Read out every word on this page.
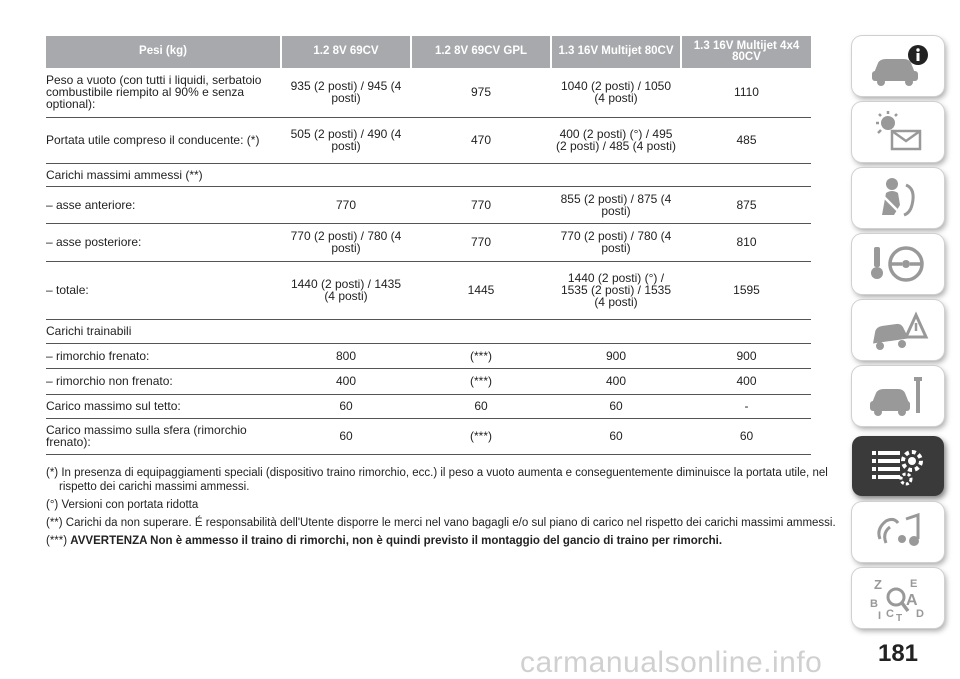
Pesi (kg)		1.2 8V 69CV		1.2 8V 69CV GPL		1.3 16V Multijet 80CV		1.3 16V Multijet 4x4 80CV
Peso a vuoto (con tutti i liquidi, serbatoio combustibile riempito al 90% e senza optional):		935 (2 posti) / 945 (4 posti)		975		1040 (2 posti) / 1050 (4 posti)		1110
Portata utile compreso il conducente: (*)		505 (2 posti) / 490 (4 posti)		470		400 (2 posti) (°) / 495 (2 posti) / 485 (4 posti)		485
Carichi massimi ammessi (**)								
– asse anteriore:		770		770		855 (2 posti) / 875 (4 posti)		875
– asse posteriore:		770 (2 posti) / 780 (4 posti)		770		770 (2 posti) / 780 (4 posti)		810
– totale:		1440 (2 posti) / 1435 (4 posti)		1445		1440 (2 posti) (°) / 1535 (2 posti) / 1535 (4 posti)		1595
Carichi trainabili								
– rimorchio frenato:		800		(***)		900		900
– rimorchio non frenato:		400		(***)		400		400
Carico massimo sul tetto:		60		60		60		-
Carico massimo sulla sfera (rimorchio frenato):		60		(***)		60		60

(*) In presenza di equipaggiamenti speciali (dispositivo traino rimorchio, ecc.) il peso a vuoto aumenta e conseguentemente diminuisce la portata utile, nel rispetto dei carichi massimi ammessi.

(°) Versioni con portata ridotta

(**) Carichi da non superare. É responsabilità dell'Utente disporre le merci nel vano bagagli e/o sul piano di carico nel rispetto dei carichi massimi ammessi.

(***) AVVERTENZA Non è ammesso il traino di rimorchi, non è quindi previsto il montaggio del gancio di traino per rimorchi.

Z	E
B A
C D
I T
181
carmanualsonline.info
